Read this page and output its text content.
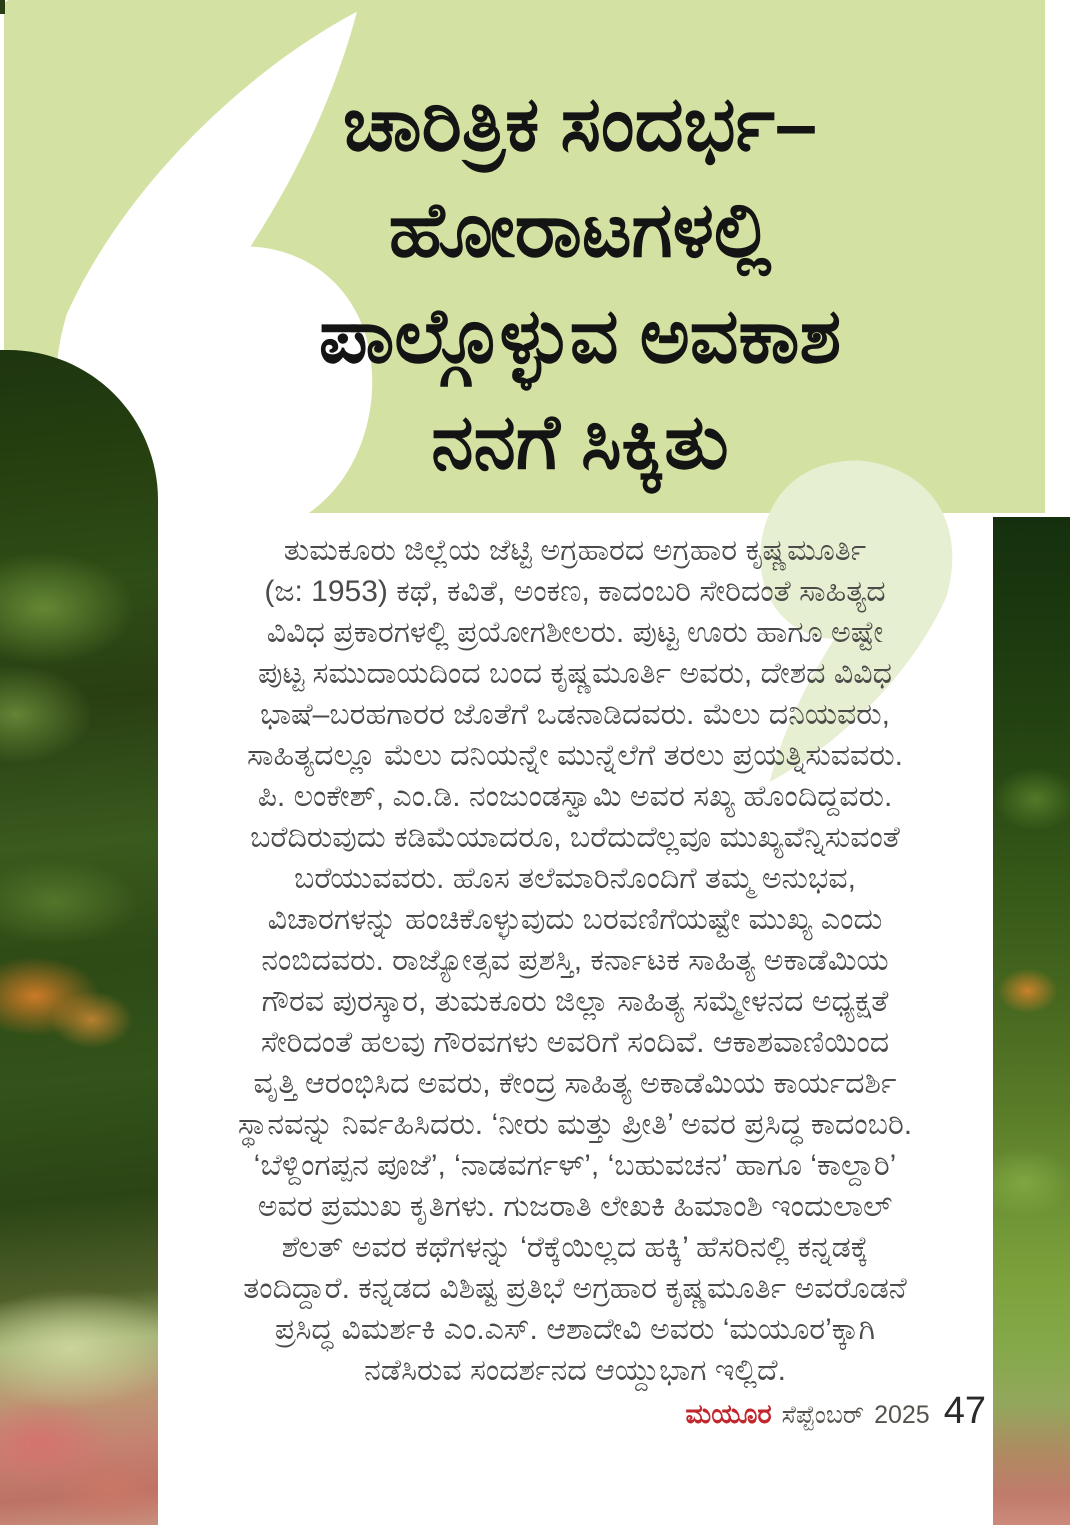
ಚಾರಿತ್ರಿಕ ಸಂದರ್ಭ–
ಹೋರಾಟಗಳಲ್ಲಿ
ಪಾಲ್ಗೊಳ್ಳುವ ಅವಕಾಶ
ನನಗೆ ಸಿಕ್ಕಿತು
ತುಮಕೂರು ಜಿಲ್ಲೆಯ ಜೆಟ್ಟಿ ಅಗ್ರಹಾರದ ಅಗ್ರಹಾರ ಕೃಷ್ಣಮೂರ್ತಿ
(ಜ: 1953) ಕಥೆ, ಕವಿತೆ, ಅಂಕಣ, ಕಾದಂಬರಿ ಸೇರಿದಂತೆ ಸಾಹಿತ್ಯದ
ವಿವಿಧ ಪ್ರಕಾರಗಳಲ್ಲಿ ಪ್ರಯೋಗಶೀಲರು. ಪುಟ್ಟ ಊರು ಹಾಗೂ ಅಷ್ಟೇ
ಪುಟ್ಟ ಸಮುದಾಯದಿಂದ ಬಂದ ಕೃಷ್ಣಮೂರ್ತಿ ಅವರು, ದೇಶದ ವಿವಿಧ
ಭಾಷೆ–ಬರಹಗಾರರ ಜೊತೆಗೆ ಒಡನಾಡಿದವರು. ಮೆಲು ದನಿಯವರು,
ಸಾಹಿತ್ಯದಲ್ಲೂ ಮೆಲು ದನಿಯನ್ನೇ ಮುನ್ನೆಲೆಗೆ ತರಲು ಪ್ರಯತ್ನಿಸುವವರು.
ಪಿ. ಲಂಕೇಶ್, ಎಂ.ಡಿ. ನಂಜುಂಡಸ್ವಾಮಿ ಅವರ ಸಖ್ಯ ಹೊಂದಿದ್ದವರು.
ಬರೆದಿರುವುದು ಕಡಿಮೆಯಾದರೂ, ಬರೆದುದೆಲ್ಲವೂ ಮುಖ್ಯವೆನ್ನಿಸುವಂತೆ
ಬರೆಯುವವರು. ಹೊಸ ತಲೆಮಾರಿನೊಂದಿಗೆ ತಮ್ಮ ಅನುಭವ,
ವಿಚಾರಗಳನ್ನು ಹಂಚಿಕೊಳ್ಳುವುದು ಬರವಣಿಗೆಯಷ್ಟೇ ಮುಖ್ಯ ಎಂದು
ನಂಬಿದವರು. ರಾಜ್ಯೋತ್ಸವ ಪ್ರಶಸ್ತಿ, ಕರ್ನಾಟಕ ಸಾಹಿತ್ಯ ಅಕಾಡೆಮಿಯ
ಗೌರವ ಪುರಸ್ಕಾರ, ತುಮಕೂರು ಜಿಲ್ಲಾ ಸಾಹಿತ್ಯ ಸಮ್ಮೇಳನದ ಅಧ್ಯಕ್ಷತೆ
ಸೇರಿದಂತೆ ಹಲವು ಗೌರವಗಳು ಅವರಿಗೆ ಸಂದಿವೆ. ಆಕಾಶವಾಣಿಯಿಂದ
ವೃತ್ತಿ ಆರಂಭಿಸಿದ ಅವರು, ಕೇಂದ್ರ ಸಾಹಿತ್ಯ ಅಕಾಡೆಮಿಯ ಕಾರ್ಯದರ್ಶಿ
ಸ್ಥಾನವನ್ನು ನಿರ್ವಹಿಸಿದರು. ‘ನೀರು ಮತ್ತು ಪ್ರೀತಿ’ ಅವರ ಪ್ರಸಿದ್ಧ ಕಾದಂಬರಿ.
‘ಬೆಳ್ದಿಂಗಪ್ಪನ ಪೂಜೆ’, ‘ನಾಡವರ್ಗಳ್’, ‘ಬಹುವಚನ’ ಹಾಗೂ ‘ಕಾಲ್ದಾರಿ’
ಅವರ ಪ್ರಮುಖ ಕೃತಿಗಳು. ಗುಜರಾತಿ ಲೇಖಕಿ ಹಿಮಾಂಶಿ ಇಂದುಲಾಲ್
ಶೆಲತ್ ಅವರ ಕಥೆಗಳನ್ನು ‘ರೆಕ್ಕೆಯಿಲ್ಲದ ಹಕ್ಕಿ’ ಹೆಸರಿನಲ್ಲಿ ಕನ್ನಡಕ್ಕೆ
ತಂದಿದ್ದಾರೆ. ಕನ್ನಡದ ವಿಶಿಷ್ಟ ಪ್ರತಿಭೆ ಅಗ್ರಹಾರ ಕೃಷ್ಣಮೂರ್ತಿ ಅವರೊಡನೆ
ಪ್ರಸಿದ್ಧ ವಿಮರ್ಶಕಿ ಎಂ.ಎಸ್. ಆಶಾದೇವಿ ಅವರು ‘ಮಯೂರ’ಕ್ಕಾಗಿ
ನಡೆಸಿರುವ ಸಂದರ್ಶನದ ಆಯ್ದುಭಾಗ ಇಲ್ಲಿದೆ.
ಮಯೂರ ಸೆಪ್ಟೆಂಬರ್ 2025 47
